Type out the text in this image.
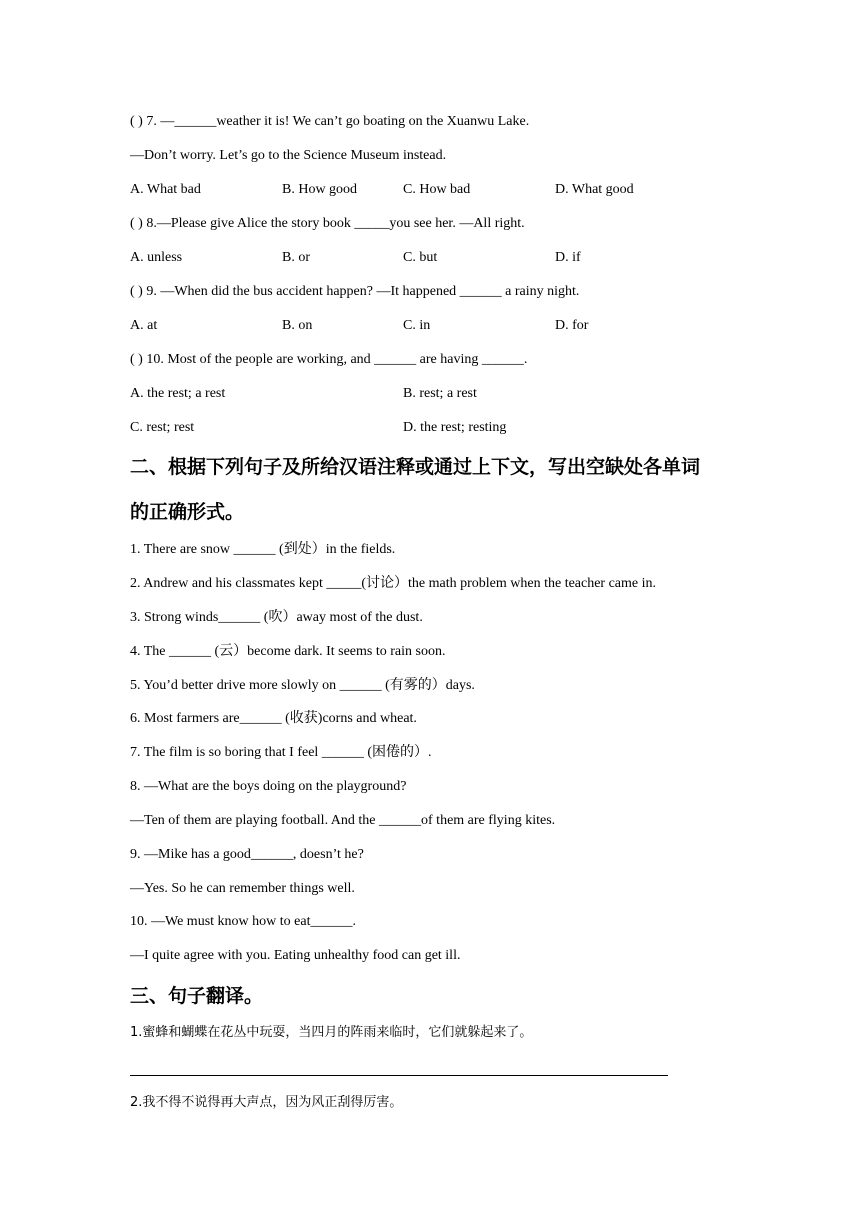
( ) 7. —______weather it is! We can’t go boating on the Xuanwu Lake.
—Don’t worry. Let’s go to the Science Museum instead.
A. What bad	B. How good	C. How bad	D. What good
( ) 8.—Please give Alice the story book _____you see her. —All right.
A. unless	B. or	C. but	D. if
( ) 9. —When did the bus accident happen? —It happened ______ a rainy night.
A. at	B. on	C. in	D. for
( ) 10. Most of the people are working, and ______ are having ______.
A. the rest; a rest	B. rest; a rest
C. rest; rest	D. the rest; resting
二、根据下列句子及所给汉语注释或通过上下文，写出空缺处各单词
的正确形式。
1. There are snow ______ (到处）in the fields.
2. Andrew and his classmates kept _____(讨论）the math problem when the teacher came in.
3. Strong winds______ (吹）away most of the dust.
4. The ______ (云）become dark. It seems to rain soon.
5. You’d better drive more slowly on ______ (有雾的）days.
6. Most farmers are______ (收获)corns and wheat.
7. The film is so boring that I feel ______ (困倦的）.
8. —What are the boys doing on the playground?
—Ten of them are playing football. And the ______of them are flying kites.
9. —Mike has a good______, doesn’t he?
—Yes. So he can remember things well.
10. —We must know how to eat______.
—I quite agree with you. Eating unhealthy food can get ill.
三、句子翻译。
1.蜜蜂和蝴蝶在花丛中玩耍，当四月的阵雨来临时，它们就躲起来了。
2.我不得不说得再大声点，因为风正刮得厉害。
